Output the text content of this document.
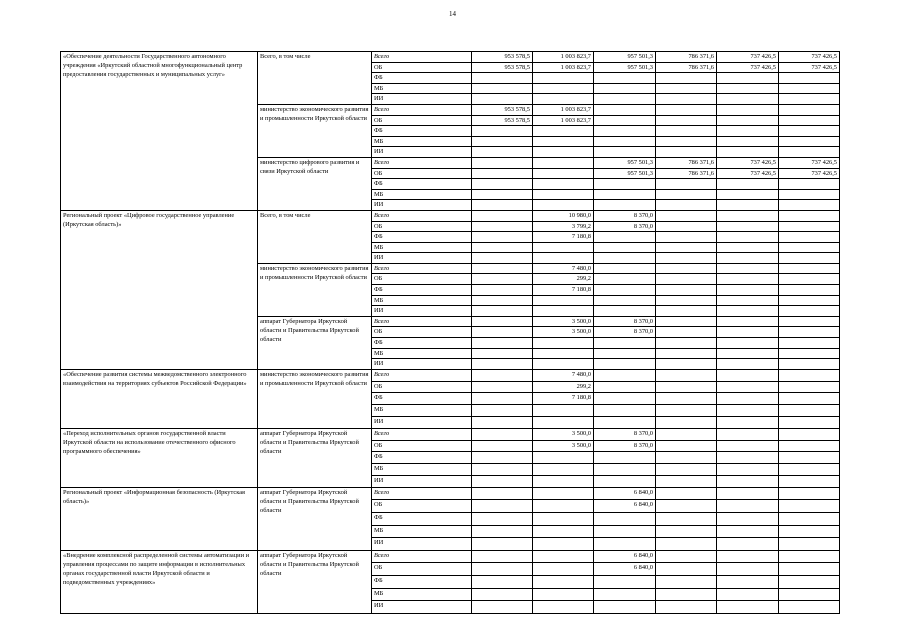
14
«Обеспечение деятельности Государственного автономного учреждения «Иркутский областной многофункциональный центр предоставления государственных и муниципальных услуг»	Всего, в том числе	Всего	953 578,5	1 003 823,7	957 501,3	786 371,6	737 426,5	737 426,5
		ОБ	953 578,5	1 003 823,7	957 501,3	786 371,6	737 426,5	737 426,5
		ФБ						
		МБ						
		ИИ						
	министерство экономического развития и промышленности Иркутской области	Всего	953 578,5	1 003 823,7				
		ОБ	953 578,5	1 003 823,7				
		ФБ						
		МБ						
		ИИ						
	министерство цифрового развития и связи Иркутской области	Всего			957 501,3	786 371,6	737 426,5	737 426,5
		ОБ			957 501,3	786 371,6	737 426,5	737 426,5
		ФБ						
		МБ						
		ИИ						
Региональный проект «Цифровое государственное управление (Иркутская область)»	Всего, в том числе	Всего		10 980,0	8 370,0			
		ОБ		3 799,2	8 370,0			
		ФБ		7 180,8				
		МБ						
		ИИ						
	министерство экономического развития и промышленности Иркутской области	Всего		7 480,0				
		ОБ		299,2				
		ФБ		7 180,8				
		МБ						
		ИИ						
	аппарат Губернатора Иркутской области и Правительства Иркутской области	Всего		3 500,0	8 370,0			
		ОБ		3 500,0	8 370,0			
		ФБ						
		МБ						
		ИИ						
«Обеспечение развития системы межведомственного электронного взаимодействия на территориях субъектов Российской Федерации»	министерство экономического развития и промышленности Иркутской области	Всего		7 480,0				
		ОБ		299,2				
		ФБ		7 180,8				
		МБ						
		ИИ						
«Переход исполнительных органов государственной власти Иркутской области на использование отечественного офисного программного обеспечения»	аппарат Губернатора Иркутской области и Правительства Иркутской области	Всего		3 500,0	8 370,0			
		ОБ		3 500,0	8 370,0			
		ФБ						
		МБ						
		ИИ						
Региональный проект «Информационная безопасность (Иркутская область)»	аппарат Губернатора Иркутской области и Правительства Иркутской области	Всего			6 840,0			
		ОБ			6 840,0			
		ФБ						
		МБ						
		ИИ						
«Внедрение комплексной распределенной системы автоматизации и управления процессами по защите информации в исполнительных органах государственной власти Иркутской области и подведомственных учреждениях»	аппарат Губернатора Иркутской области и Правительства Иркутской области	Всего			6 840,0			
		ОБ			6 840,0			
		ФБ						
		МБ						
		ИИ						
